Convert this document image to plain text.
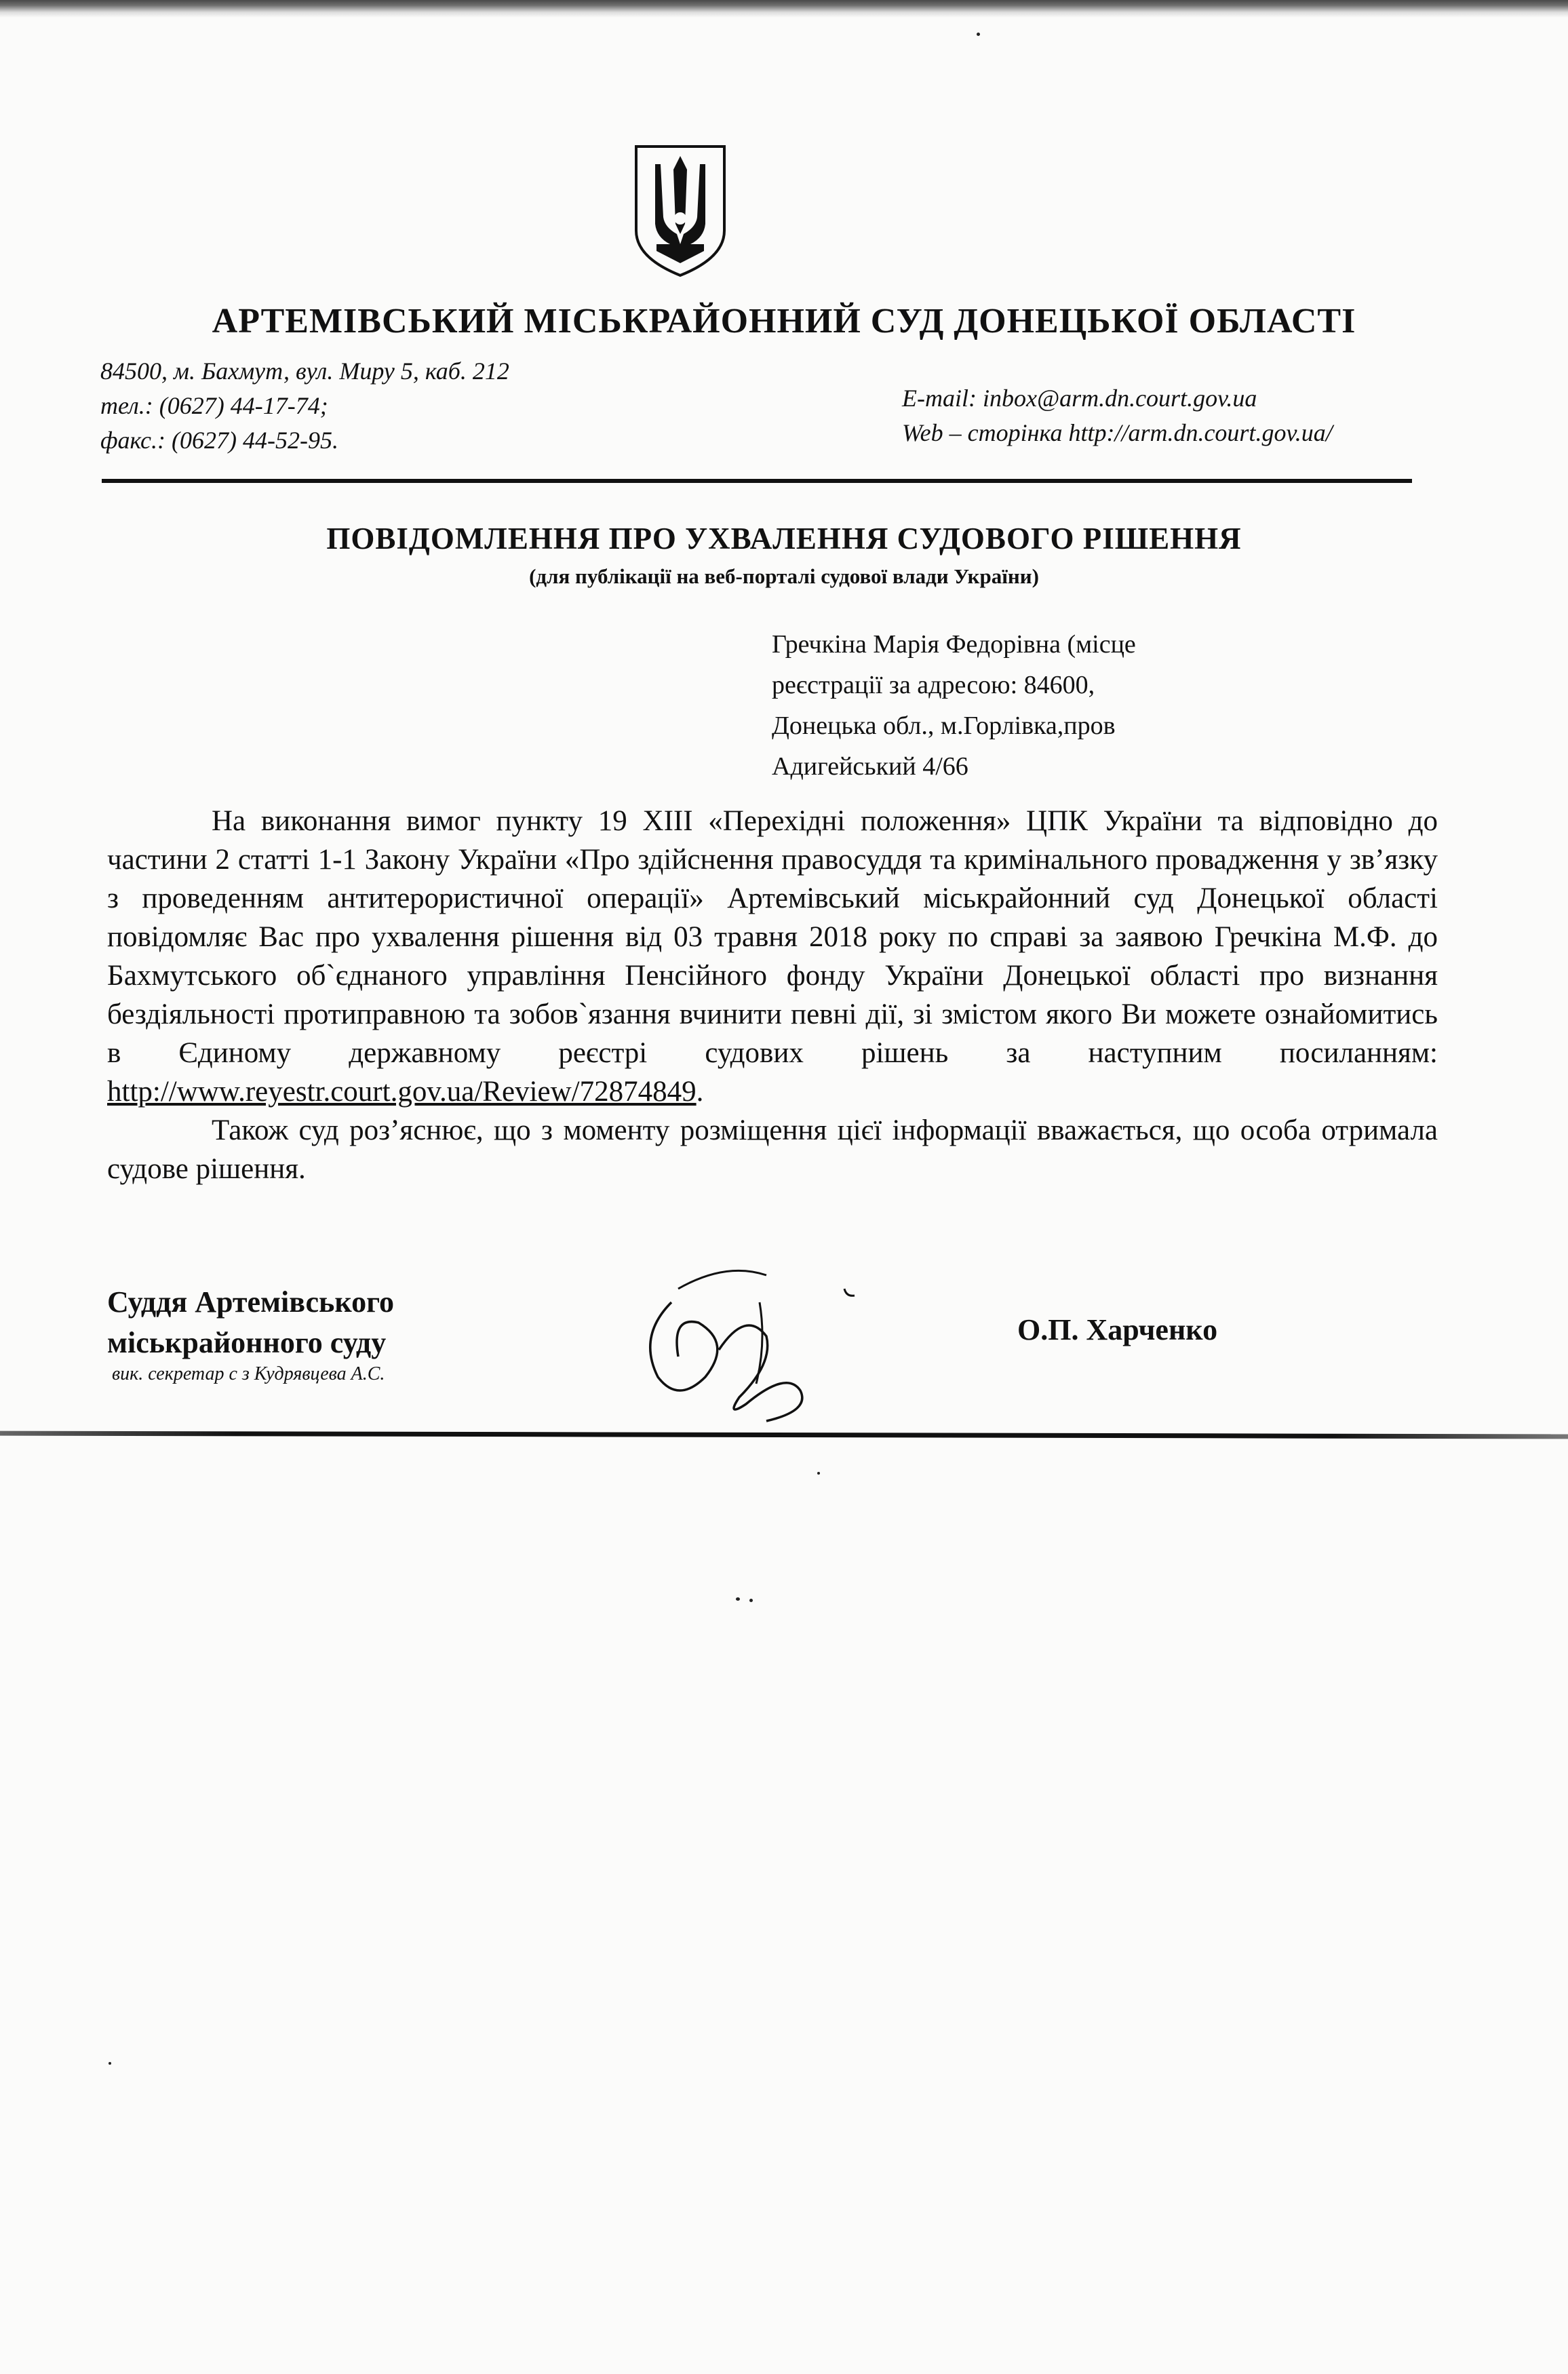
АРТЕМІВСЬКИЙ МІСЬКРАЙОННИЙ СУД ДОНЕЦЬКОЇ ОБЛАСТІ
84500, м. Бахмут, вул. Миру 5, каб. 212
тел.: (0627) 44-17-74;
факс.: (0627) 44-52-95.
E-mail: inbox@arm.dn.court.gov.ua
Web – сторінка http://arm.dn.court.gov.ua/
ПОВІДОМЛЕННЯ ПРО УХВАЛЕННЯ СУДОВОГО РІШЕННЯ
(для публікації на веб-порталі судової влади України)
Гречкіна Марія Федорівна (місце
реєстрації за адресою: 84600,
Донецька обл., м.Горлівка,пров
Адигейський 4/66

На виконання вимог пункту 19 ХIII «Перехідні положення» ЦПК України та відповідно до частини 2 статті 1-1 Закону України «Про здійснення правосуддя та кримінального провадження у зв’язку з проведенням антитерористичної операції» Артемівський міськрайонний суд Донецької області повідомляє Вас про ухвалення рішення від 03 травня 2018 року по справі за заявою Гречкіна М.Ф. до Бахмутського об`єднаного управління Пенсійного фонду України Донецької області про визнання бездіяльності протиправною та зобов`язання вчинити певні дії, зі змістом якого Ви можете ознайомитись в Єдиному державному реєстрі судових рішень за наступним посиланням: http://www.reyestr.court.gov.ua/Review/72874849.

Також суд роз’яснює, що з моменту розміщення цієї інформації вважається, що особа отримала судове рішення.

Суддя Артемівського
міськрайонного суду
вик. секретар с з Кудрявцева А.С.
О.П. Харченко
